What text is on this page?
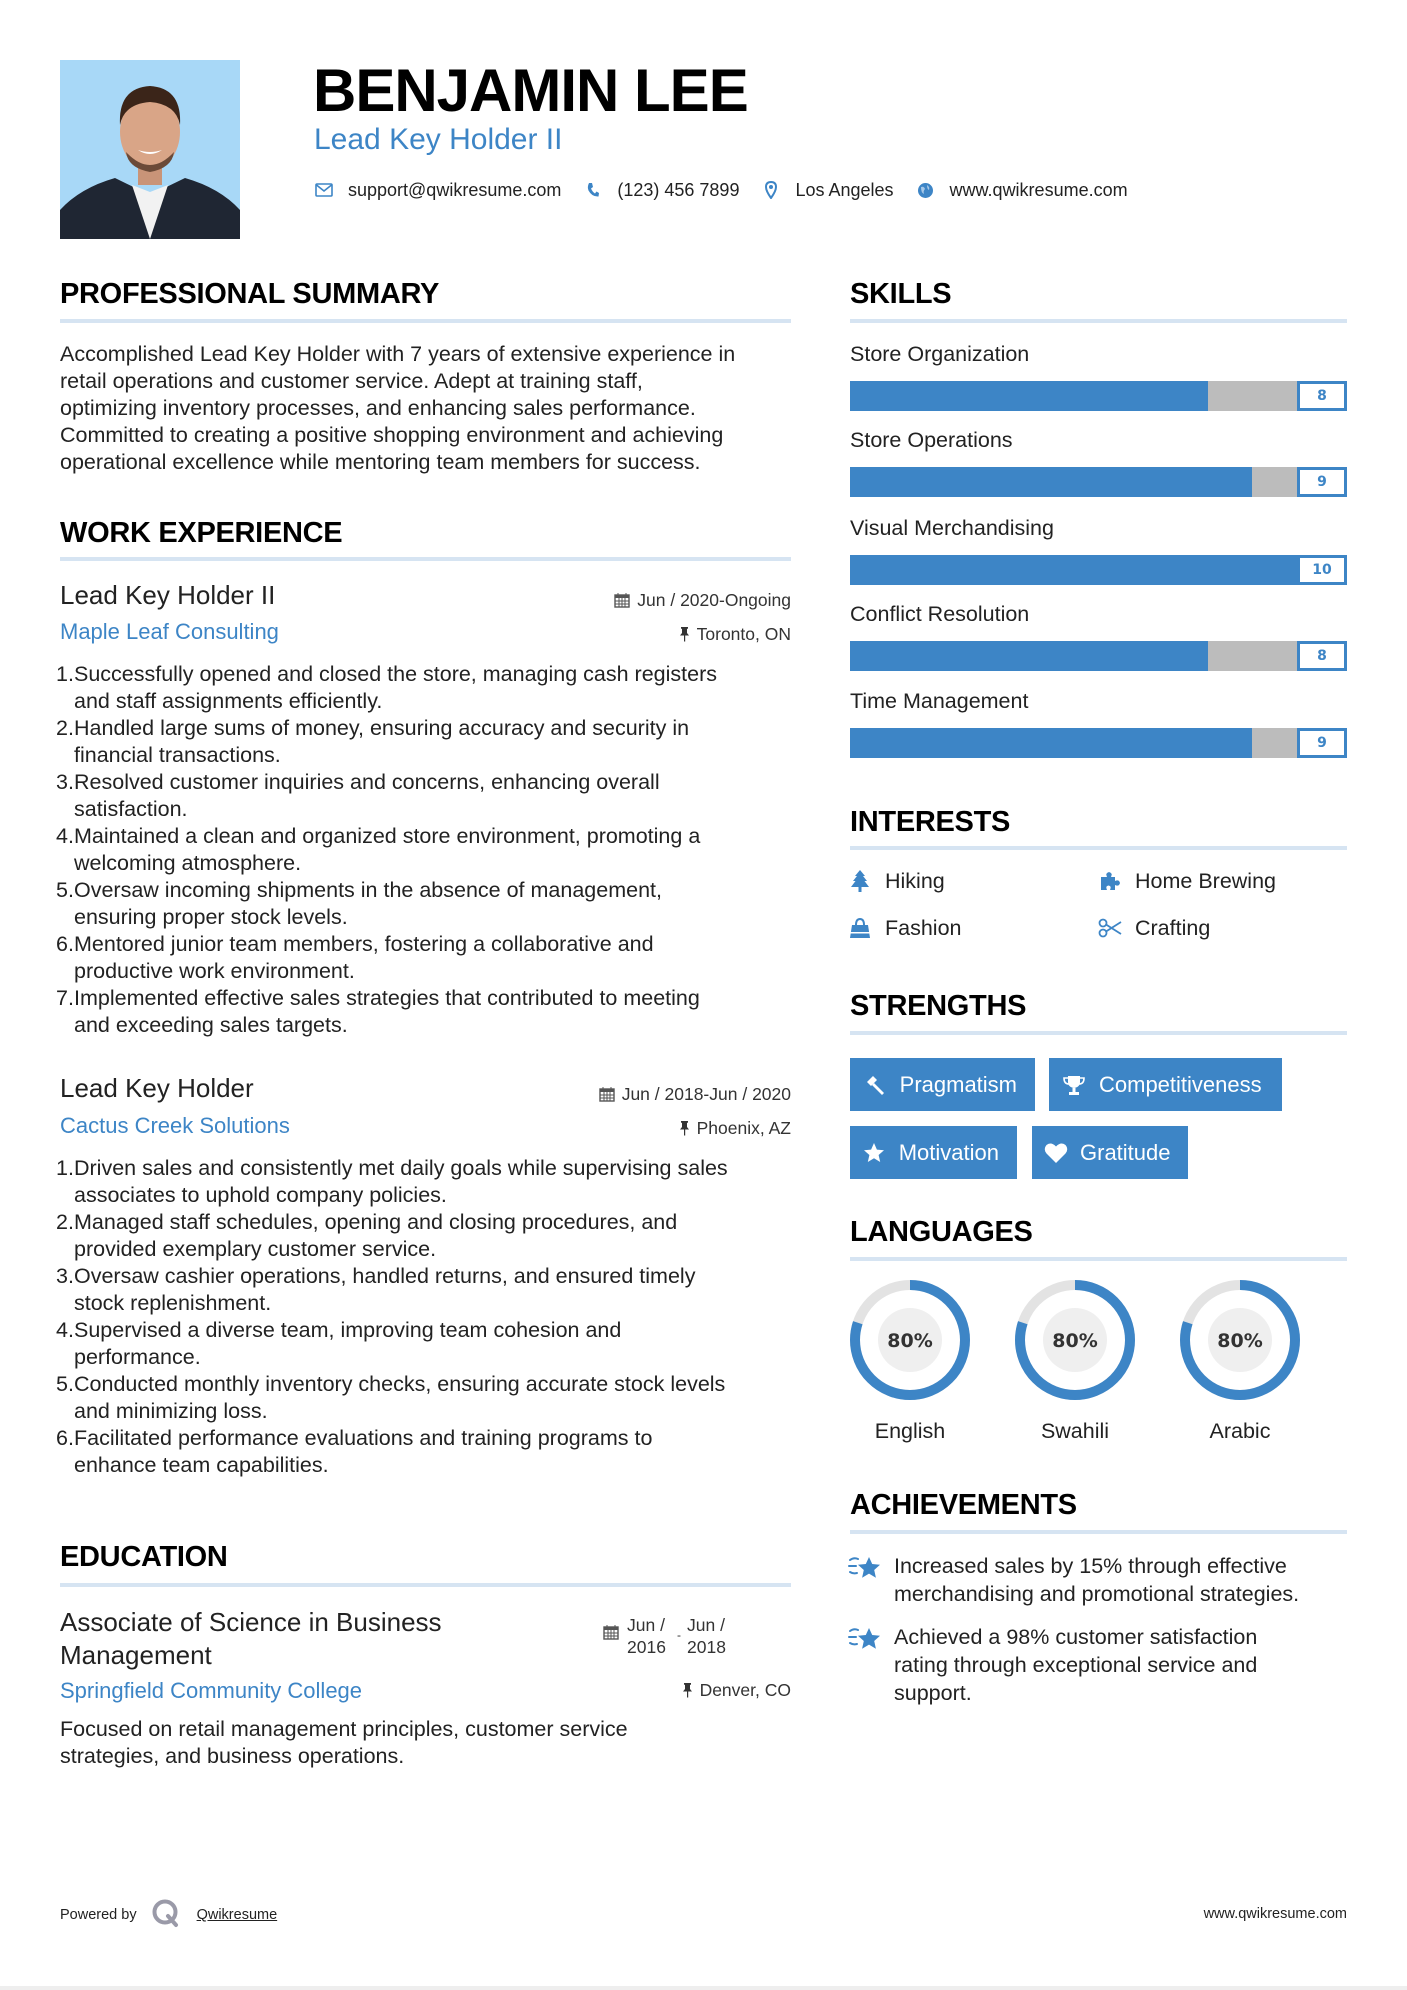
BENJAMIN LEE
Lead Key Holder II
support@qwikresume.com	(123) 456 7899	Los Angeles	www.qwikresume.com
PROFESSIONAL SUMMARY
Accomplished Lead Key Holder with 7 years of extensive experience in
retail operations and customer service. Adept at training staff,
optimizing inventory processes, and enhancing sales performance.
Committed to creating a positive shopping environment and achieving
operational excellence while mentoring team members for success.
WORK EXPERIENCE
Lead Key Holder II	Jun / 2020-Ongoing
Maple Leaf Consulting	Toronto, ON
1. Successfully opened and closed the store, managing cash registers
and staff assignments efficiently.
2. Handled large sums of money, ensuring accuracy and security in
financial transactions.
3. Resolved customer inquiries and concerns, enhancing overall
satisfaction.
4. Maintained a clean and organized store environment, promoting a
welcoming atmosphere.
5. Oversaw incoming shipments in the absence of management,
ensuring proper stock levels.
6. Mentored junior team members, fostering a collaborative and
productive work environment.
7. Implemented effective sales strategies that contributed to meeting
and exceeding sales targets.
Lead Key Holder	Jun / 2018-Jun / 2020
Cactus Creek Solutions	Phoenix, AZ
1. Driven sales and consistently met daily goals while supervising sales
associates to uphold company policies.
2. Managed staff schedules, opening and closing procedures, and
provided exemplary customer service.
3. Oversaw cashier operations, handled returns, and ensured timely
stock replenishment.
4. Supervised a diverse team, improving team cohesion and
performance.
5. Conducted monthly inventory checks, ensuring accurate stock levels
and minimizing loss.
6. Facilitated performance evaluations and training programs to
enhance team capabilities.
EDUCATION
Associate of Science in Business
Management
Jun /
2016
- Jun /
2018
Springfield Community College	Denver, CO
Focused on retail management principles, customer service
strategies, and business operations.
SKILLS
Store Organization
8
Store Operations
9
Visual Merchandising
10
Conflict Resolution
8
Time Management
9
INTERESTS
Hiking	Home Brewing
Fashion	Crafting
STRENGTHS
Pragmatism	Competitiveness
Motivation	Gratitude
LANGUAGES
80%
English
80%
Swahili
80%
Arabic
ACHIEVEMENTS
Increased sales by 15% through effective
merchandising and promotional strategies.
Achieved a 98% customer satisfaction
rating through exceptional service and
support.
Powered by	Qwikresume	www.qwikresume.com
